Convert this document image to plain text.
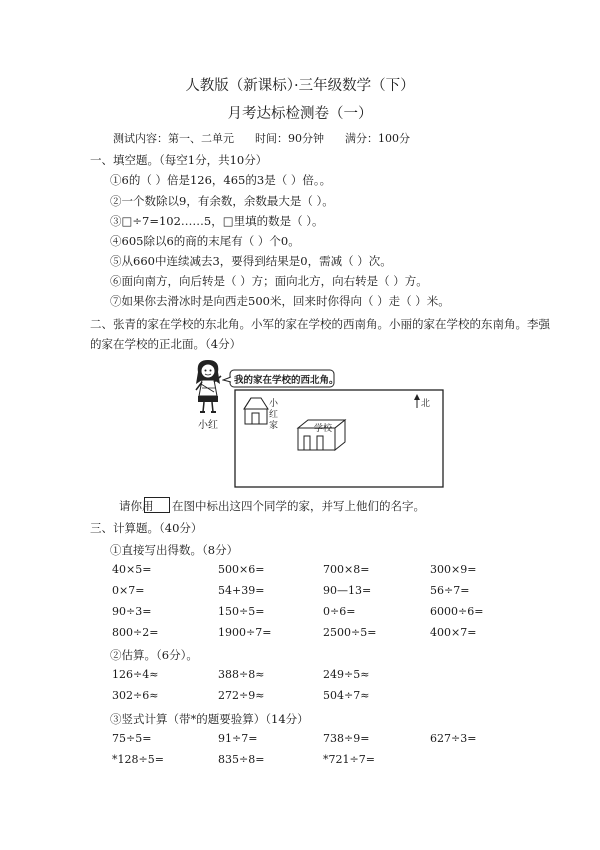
人教版（新课标）·三年级数学（下）
月考达标检测卷（一）
测试内容：第一、二单元      时间：90分钟      满分：100分
一、填空题。（每空1分，共10分）
①6的（ ）倍是126，465的3是（ ）倍。。
②一个数除以9，有余数，余数最大是（ ）。
③□÷7=102……5，□里填的数是（ ）。
④605除以6的商的末尾有（ ）个0。
⑤从660中连续减去3，要得到结果是0，需减（ ）次。
⑥面向南方，向后转是（ ）方；面向北方，向右转是（ ）方。
⑦如果你去滑冰时是向西走500米，回来时你得向（ ）走（ ）米。
二、张青的家在学校的东北角。小军的家在学校的西南角。小丽的家在学校的东南角。李强
的家在学校的正北面。（4分）
小红
我的家在学校的西北角。
小
红
家	学校
北
请你用 在图中标出这四个同学的家，并写上他们的名字。
三、计算题。（40分）
①直接写出得数。（8分）
40×5=	500×6=	700×8=	300×9=
0×7=	54+39=	90—13=	56÷7=
90÷3=	150÷5=	0÷6=	6000÷6=
800÷2=	1900÷7=	2500÷5=	400×7=
②估算。（6分）。
126÷4≈	388÷8≈	249÷5≈
302÷6≈	272÷9≈	504÷7≈
③竖式计算（带*的题要验算）（14分）
75÷5=	91÷7=	738÷9=	627÷3=
*128÷5=	835÷8=	*721÷7=
